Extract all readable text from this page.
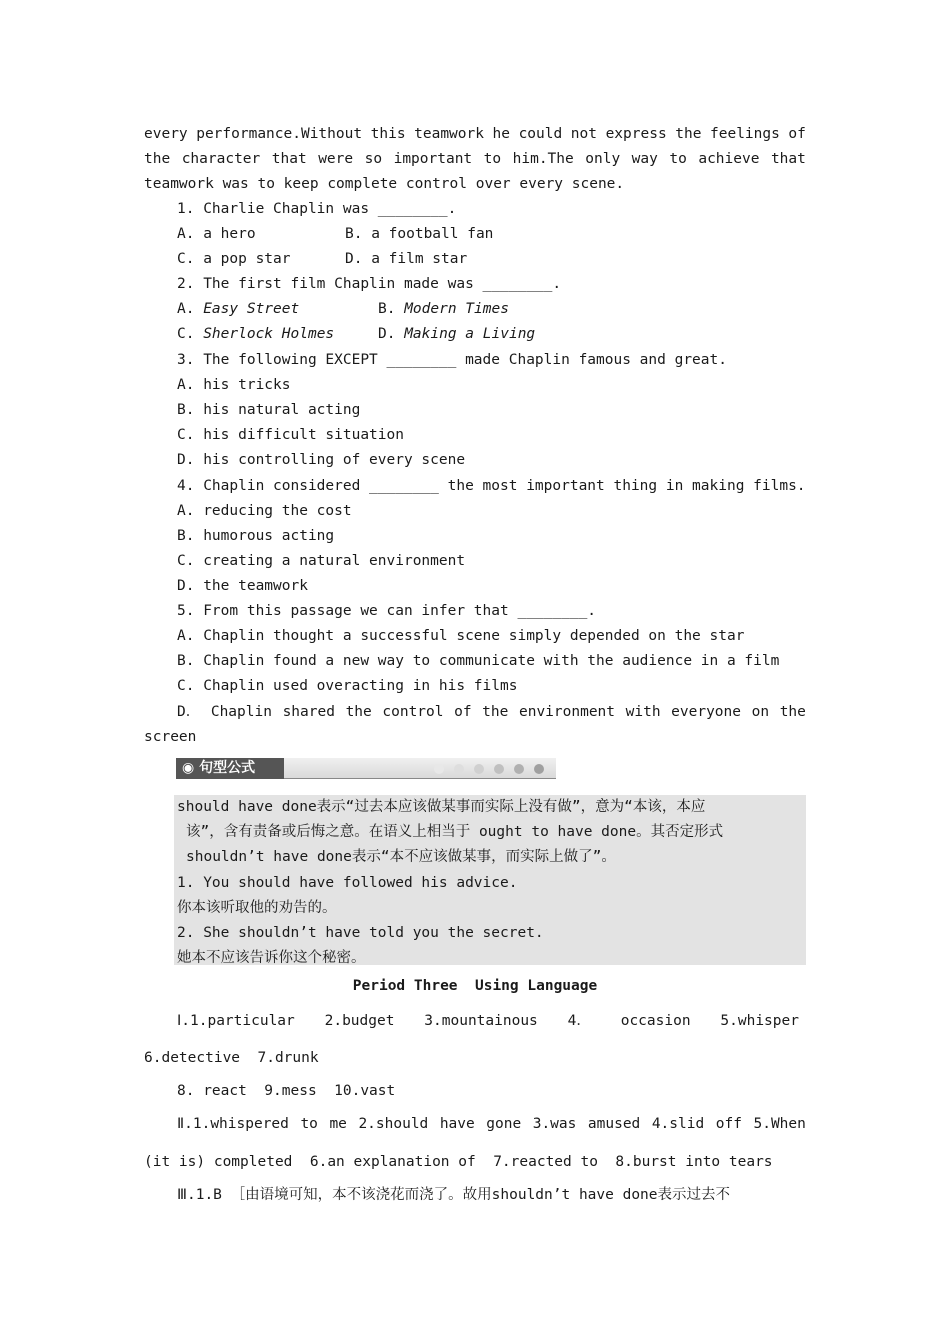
every performance.Without this teamwork he could not express the feelings of
the character that were so important to him.The only way to achieve that
teamwork was to keep complete control over every scene.
1. Charlie Chaplin was ________.
A. a hero	B. a football fan
C. a pop star	D. a film star
2. The first film Chaplin made was ________.
A. Easy Street	B. Modern Times
C. Sherlock Holmes	D. Making a Living
3. The following EXCEPT ________ made Chaplin famous and great.
A. his tricks
B. his natural acting
C. his difficult situation
D. his controlling of every scene
4. Chaplin considered ________ the most important thing in making films.
A. reducing the cost
B. humorous acting
C. creating a natural environment
D. the teamwork
5. From this passage we can infer that ________.
A. Chaplin thought a successful scene simply depended on the star
B. Chaplin found a new way to communicate with the audience in a film
C. Chaplin used overacting in his films
D． Chaplin shared the control of the environment with everyone on the
screen
◉ 句型公式
should have done表示“过去本应该做某事而实际上没有做”，意为“本该，本应
该”，含有责备或后悔之意。在语义上相当于 ought to have done。其否定形式
shouldn’t have done表示“本不应该做某事，而实际上做了”。
1. You should have followed his advice.
你本该听取他的劝告的。
2. She shouldn’t have told you the secret.
她本不应该告诉你这个秘密。
Period Three  Using Language
Ⅰ.1.particular 2.budget 3.mountainous 4． occasion 5.whisper
6.detective  7.drunk
8. react  9.mess  10.vast
Ⅱ.1.whispered to me 2.should have gone 3.was amused 4.slid off 5.When
(it is) completed  6.an explanation of  7.reacted to  8.burst into tears
Ⅲ.1.B ［由语境可知，本不该浇花而浇了。故用shouldn’t have done表示过去不
